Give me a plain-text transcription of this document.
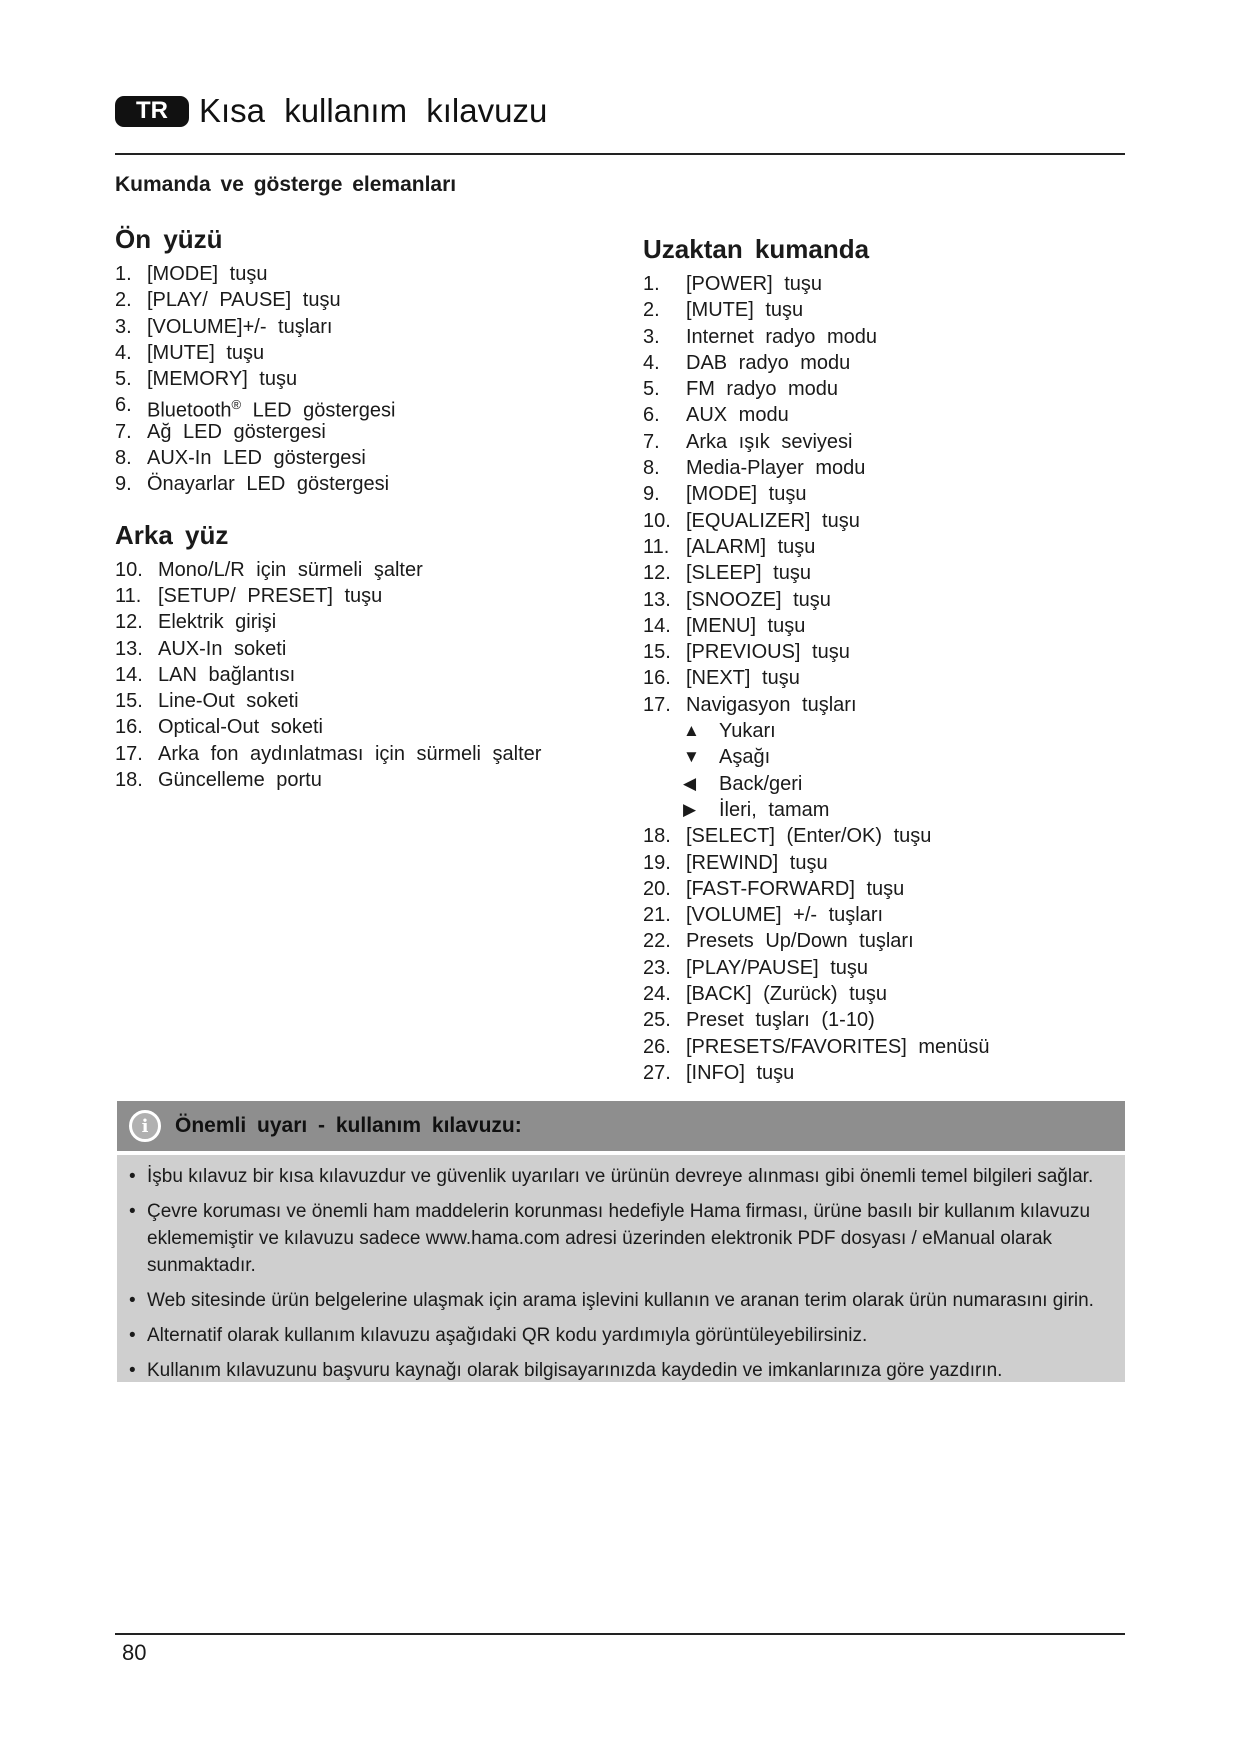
TR Kısa kullanım kılavuzu
Kumanda ve gösterge elemanları
Ön yüzü
1. [MODE] tuşu
2. [PLAY/ PAUSE] tuşu
3. [VOLUME]+/- tuşları
4. [MUTE] tuşu
5. [MEMORY] tuşu
6. Bluetooth® LED göstergesi
7. Ağ LED göstergesi
8. AUX-In LED göstergesi
9. Önayarlar LED göstergesi
Arka yüz
10. Mono/L/R için sürmeli şalter
11. [SETUP/ PRESET] tuşu
12. Elektrik girişi
13. AUX-In soketi
14. LAN bağlantısı
15. Line-Out soketi
16. Optical-Out soketi
17. Arka fon aydınlatması için sürmeli şalter
18. Güncelleme portu
Uzaktan kumanda
1.	[POWER] tuşu
2.	[MUTE] tuşu
3.	Internet radyo modu
4.	DAB radyo modu
5.	FM radyo modu
6.	AUX modu
7.	Arka ışık seviyesi
8.	Media-Player modu
9.	[MODE] tuşu
10. [EQUALIZER] tuşu
11. [ALARM] tuşu
12. [SLEEP] tuşu
13. [SNOOZE] tuşu
14. [MENU] tuşu
15. [PREVIOUS] tuşu
16. [NEXT] tuşu
17. Navigasyon tuşları
▲ Yukarı
▼ Aşağı
◀	Back/geri
▶	İleri, tamam
18. [SELECT] (Enter/OK) tuşu
19. [REWIND] tuşu
20. [FAST-FORWARD] tuşu
21. [VOLUME] +/- tuşları
22. Presets Up/Down tuşları
23. [PLAY/PAUSE] tuşu
24. [BACK] (Zurück) tuşu
25. Preset tuşları (1-10)
26. [PRESETS/FAVORITES] menüsü
27. [INFO] tuşu
i	Önemli uyarı - kullanım kılavuzu:
• İşbu kılavuz bir kısa kılavuzdur ve güvenlik uyarıları ve ürünün devreye alınması gibi önemli temel bilgileri sağlar.
• Çevre koruması ve önemli ham maddelerin korunması hedefiyle Hama firması, ürüne basılı bir kullanım kılavuzu eklememiştir ve kılavuzu sadece www.hama.com adresi üzerinden elektronik PDF dosyası / eManual olarak sunmaktadır.
• Web sitesinde ürün belgelerine ulaşmak için arama işlevini kullanın ve aranan terim olarak ürün numarasını girin.
• Alternatif olarak kullanım kılavuzu aşağıdaki QR kodu yardımıyla görüntüleyebilirsiniz.
• Kullanım kılavuzunu başvuru kaynağı olarak bilgisayarınızda kaydedin ve imkanlarınıza göre yazdırın.
80
